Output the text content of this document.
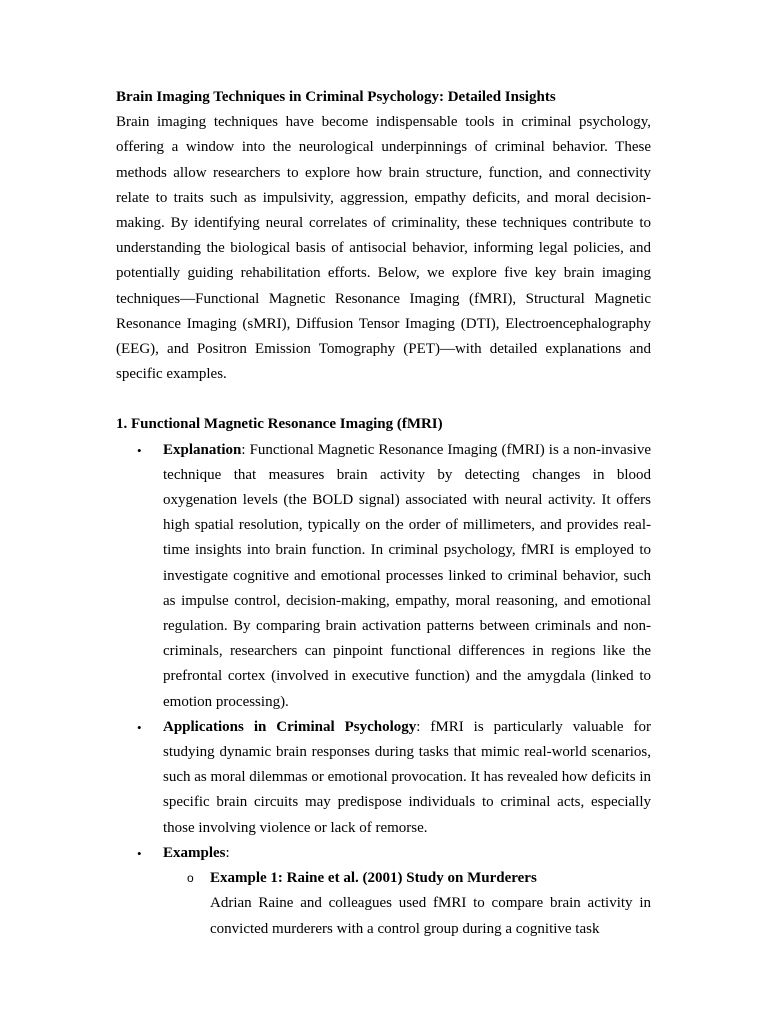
Brain Imaging Techniques in Criminal Psychology: Detailed Insights

Brain imaging techniques have become indispensable tools in criminal psychology, offering a window into the neurological underpinnings of criminal behavior. These methods allow researchers to explore how brain structure, function, and connectivity relate to traits such as impulsivity, aggression, empathy deficits, and moral decision-making. By identifying neural correlates of criminality, these techniques contribute to understanding the biological basis of antisocial behavior, informing legal policies, and potentially guiding rehabilitation efforts. Below, we explore five key brain imaging techniques—Functional Magnetic Resonance Imaging (fMRI), Structural Magnetic Resonance Imaging (sMRI), Diffusion Tensor Imaging (DTI), Electroencephalography (EEG), and Positron Emission Tomography (PET)—with detailed explanations and specific examples.

1. Functional Magnetic Resonance Imaging (fMRI)

• Explanation: Functional Magnetic Resonance Imaging (fMRI) is a non-invasive technique that measures brain activity by detecting changes in blood oxygenation levels (the BOLD signal) associated with neural activity. It offers high spatial resolution, typically on the order of millimeters, and provides real-time insights into brain function. In criminal psychology, fMRI is employed to investigate cognitive and emotional processes linked to criminal behavior, such as impulse control, decision-making, empathy, moral reasoning, and emotional regulation. By comparing brain activation patterns between criminals and non-criminals, researchers can pinpoint functional differences in regions like the prefrontal cortex (involved in executive function) and the amygdala (linked to emotion processing).
• Applications in Criminal Psychology: fMRI is particularly valuable for studying dynamic brain responses during tasks that mimic real-world scenarios, such as moral dilemmas or emotional provocation. It has revealed how deficits in specific brain circuits may predispose individuals to criminal acts, especially those involving violence or lack of remorse.
• Examples:
o Example 1: Raine et al. (2001) Study on Murderers

Adrian Raine and colleagues used fMRI to compare brain activity in convicted murderers with a control group during a cognitive task
